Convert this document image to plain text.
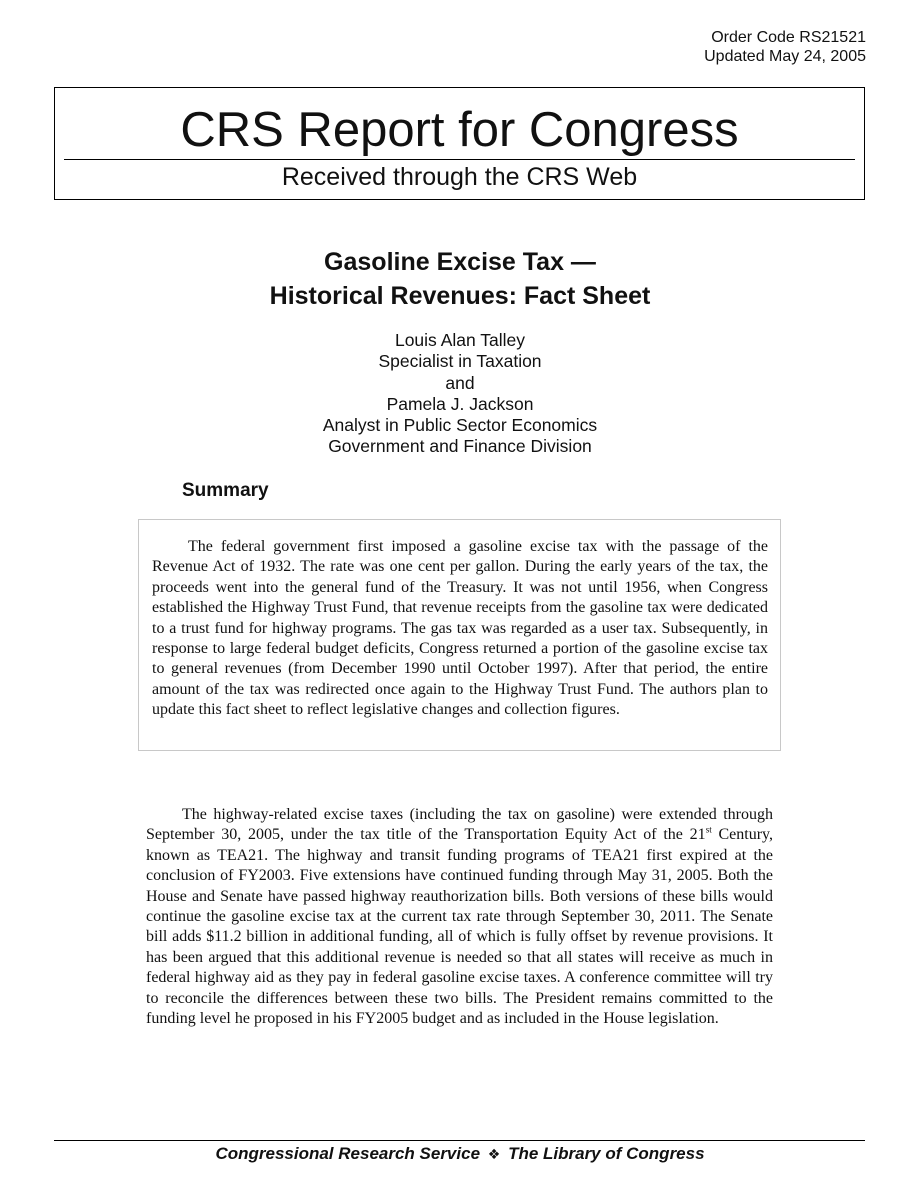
Order Code RS21521
Updated May 24, 2005
CRS Report for Congress
Received through the CRS Web
Gasoline Excise Tax —
Historical Revenues: Fact Sheet
Louis Alan Talley
Specialist in Taxation
and
Pamela J. Jackson
Analyst in Public Sector Economics
Government and Finance Division
Summary

The federal government first imposed a gasoline excise tax with the passage of the Revenue Act of 1932. The rate was one cent per gallon. During the early years of the tax, the proceeds went into the general fund of the Treasury. It was not until 1956, when Congress established the Highway Trust Fund, that revenue receipts from the gasoline tax were dedicated to a trust fund for highway programs. The gas tax was regarded as a user tax. Subsequently, in response to large federal budget deficits, Congress returned a portion of the gasoline excise tax to general revenues (from December 1990 until October 1997). After that period, the entire amount of the tax was redirected once again to the Highway Trust Fund. The authors plan to update this fact sheet to reflect legislative changes and collection figures.

The highway-related excise taxes (including the tax on gasoline) were extended through September 30, 2005, under the tax title of the Transportation Equity Act of the 21st Century, known as TEA21. The highway and transit funding programs of TEA21 first expired at the conclusion of FY2003. Five extensions have continued funding through May 31, 2005. Both the House and Senate have passed highway reauthorization bills. Both versions of these bills would continue the gasoline excise tax at the current tax rate through September 30, 2011. The Senate bill adds $11.2 billion in additional funding, all of which is fully offset by revenue provisions. It has been argued that this additional revenue is needed so that all states will receive as much in federal highway aid as they pay in federal gasoline excise taxes. A conference committee will try to reconcile the differences between these two bills. The President remains committed to the funding level he proposed in his FY2005 budget and as included in the House legislation.

Congressional Research Service ❖ The Library of Congress
